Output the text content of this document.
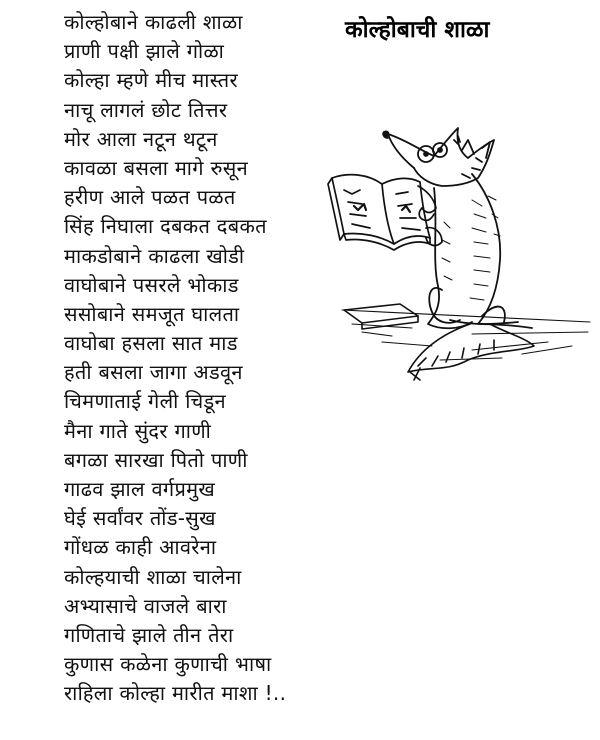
कोल्होबाची शाळा
कोल्होबाने काढली शाळा
प्राणी पक्षी झाले गोळा
कोल्हा म्हणे मीच मास्तर
नाचू लागलं छोट तित्तर
मोर आला नटून थटून
कावळा बसला मागे रुसून
हरीण आले पळत पळत
सिंह निघाला दबकत दबकत
माकडोबाने काढला खोडी
वाघोबाने पसरले भोकाड
ससोबाने समजूत घालता
वाघोबा हसला सात माड
हती बसला जागा अडवून
चिमणाताई गेली चिडून
मैना गाते सुंदर गाणी
बगळा सारखा पितो पाणी
गाढव झाल वर्गप्रमुख
घेई सर्वांवर तोंड-सुख
गोंधळ काही आवरेना
कोल्हयाची शाळा चालेना
अभ्यासाचे वाजले बारा
गणिताचे झाले तीन तेरा
कुणास कळेना कुणाची भाषा
राहिला कोल्हा मारीत माशा !..
